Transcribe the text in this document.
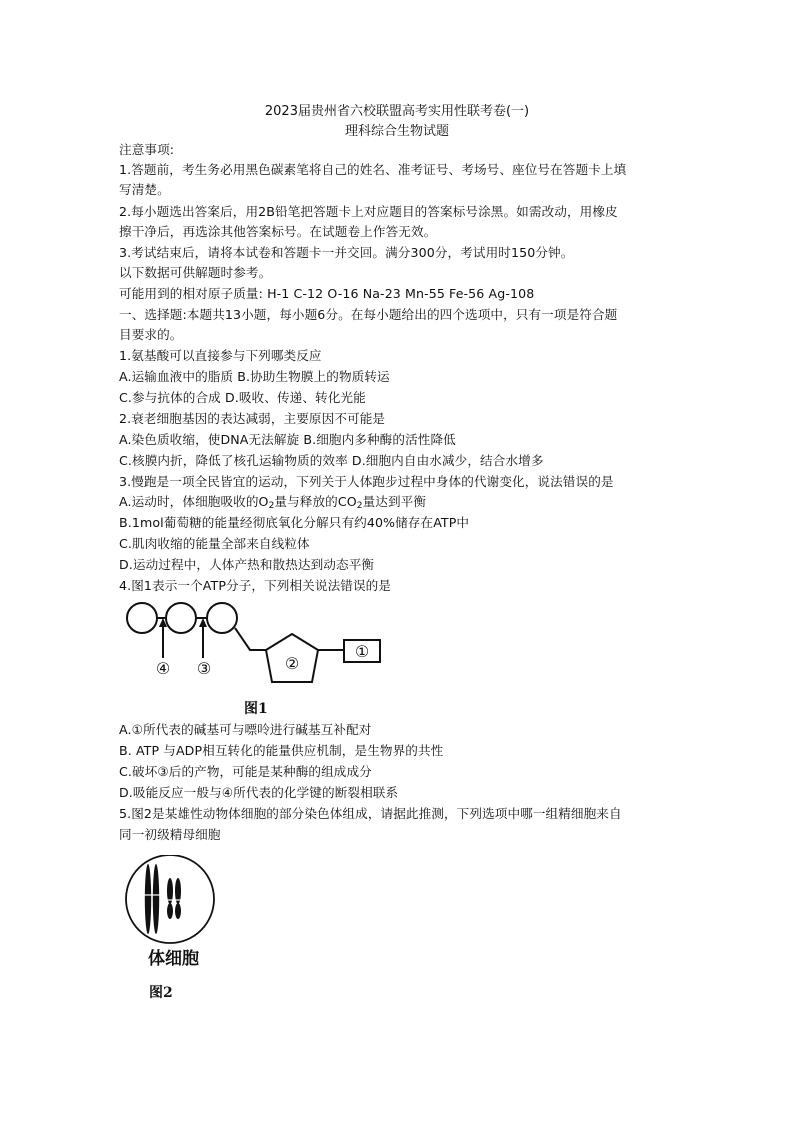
2023届贵州省六校联盟高考实用性联考卷(一)
理科综合生物试题
注意事项:
1.答题前，考生务必用黑色碳素笔将自己的姓名、准考证号、考场号、座位号在答题卡上填
写清楚。
2.每小题选出答案后，用2B铅笔把答题卡上对应题目的答案标号涂黑。如需改动，用橡皮
擦干净后，再选涂其他答案标号。在试题卷上作答无效。
3.考试结束后，请将本试卷和答题卡一并交回。满分300分，考试用时150分钟。
以下数据可供解题时参考。
可能用到的相对原子质量: H-1 C-12 O-16 Na-23 Mn-55 Fe-56 Ag-108
一、选择题:本题共13小题，每小题6分。在每小题给出的四个选项中，只有一项是符合题
目要求的。
1.氨基酸可以直接参与下列哪类反应
A.运输血液中的脂质 B.协助生物膜上的物质转运
C.参与抗体的合成 D.吸收、传递、转化光能
2.衰老细胞基因的表达减弱，主要原因不可能是
A.染色质收缩，使DNA无法解旋 B.细胞内多种酶的活性降低
C.核膜内折，降低了核孔运输物质的效率 D.细胞内自由水减少，结合水增多
3.慢跑是一项全民皆宜的运动，下列关于人体跑步过程中身体的代谢变化，说法错误的是
A.运动时，体细胞吸收的$O_2$量与释放的$CO_2$量达到平衡
B.1mol葡萄糖的能量经彻底氧化分解只有约40%储存在ATP中
C.肌肉收缩的能量全部来自线粒体
D.运动过程中，人体产热和散热达到动态平衡
4.图1表示一个ATP分子，下列相关说法错误的是
④ ③	②
①
图1
A.①所代表的碱基可与嘌呤进行碱基互补配对
B. ATP 与ADP相互转化的能量供应机制，是生物界的共性
C.破坏③后的产物，可能是某种酶的组成成分
D.吸能反应一般与④所代表的化学键的断裂相联系
5.图2是某雄性动物体细胞的部分染色体组成，请据此推测，下列选项中哪一组精细胞来自
同一初级精母细胞
体细胞
图2
